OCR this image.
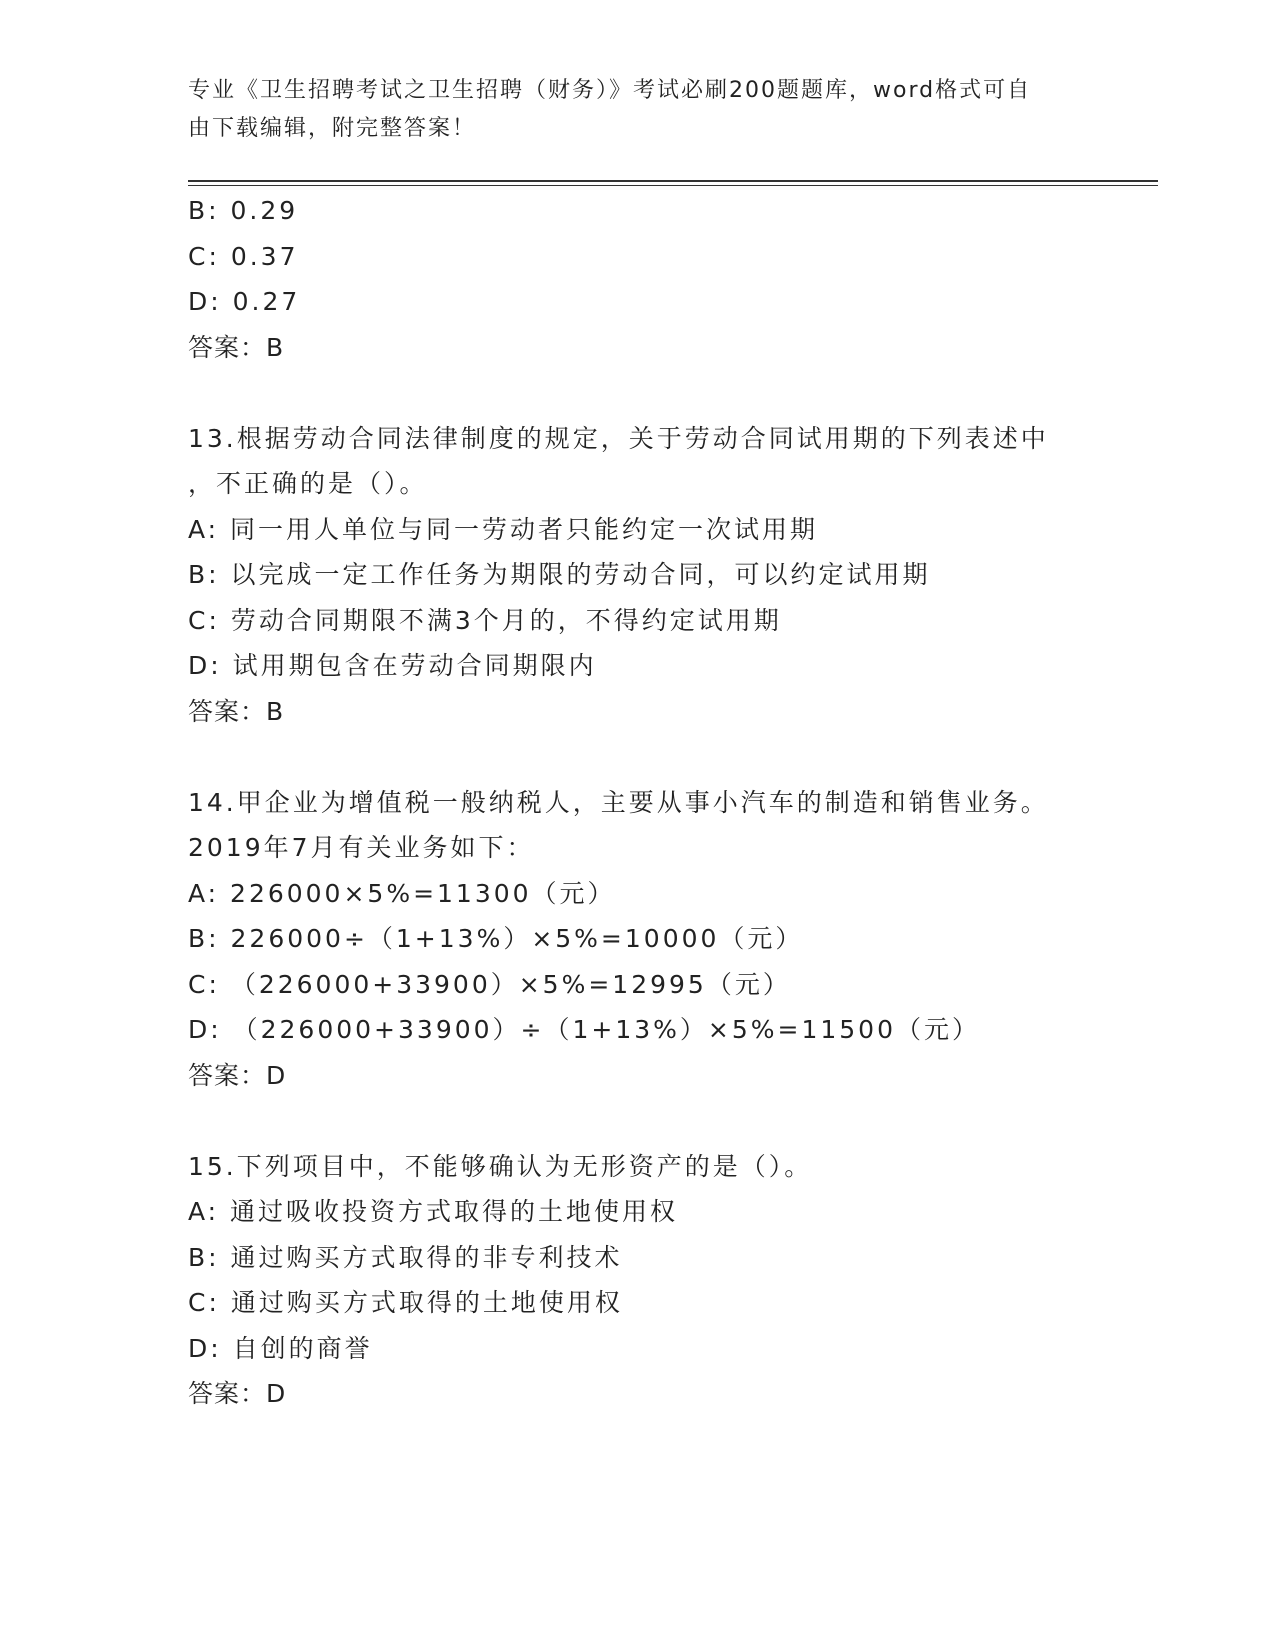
专业《卫生招聘考试之卫生招聘（财务）》考试必刷200题题库，word格式可自
由下载编辑，附完整答案！
B: 0.29
C: 0.37
D: 0.27
答案：B
13.根据劳动合同法律制度的规定，关于劳动合同试用期的下列表述中
，不正确的是（）。
A: 同一用人单位与同一劳动者只能约定一次试用期
B: 以完成一定工作任务为期限的劳动合同，可以约定试用期
C: 劳动合同期限不满3个月的，不得约定试用期
D: 试用期包含在劳动合同期限内
答案：B
14.甲企业为增值税一般纳税人，主要从事小汽车的制造和销售业务。
2019年7月有关业务如下：
A: 226000×5%=11300（元）
B: 226000÷（1+13%）×5%=10000（元）
C: （226000+33900）×5%=12995（元）
D: （226000+33900）÷（1+13%）×5%=11500（元）
答案：D
15.下列项目中，不能够确认为无形资产的是（）。
A: 通过吸收投资方式取得的土地使用权
B: 通过购买方式取得的非专利技术
C: 通过购买方式取得的土地使用权
D: 自创的商誉
答案：D
